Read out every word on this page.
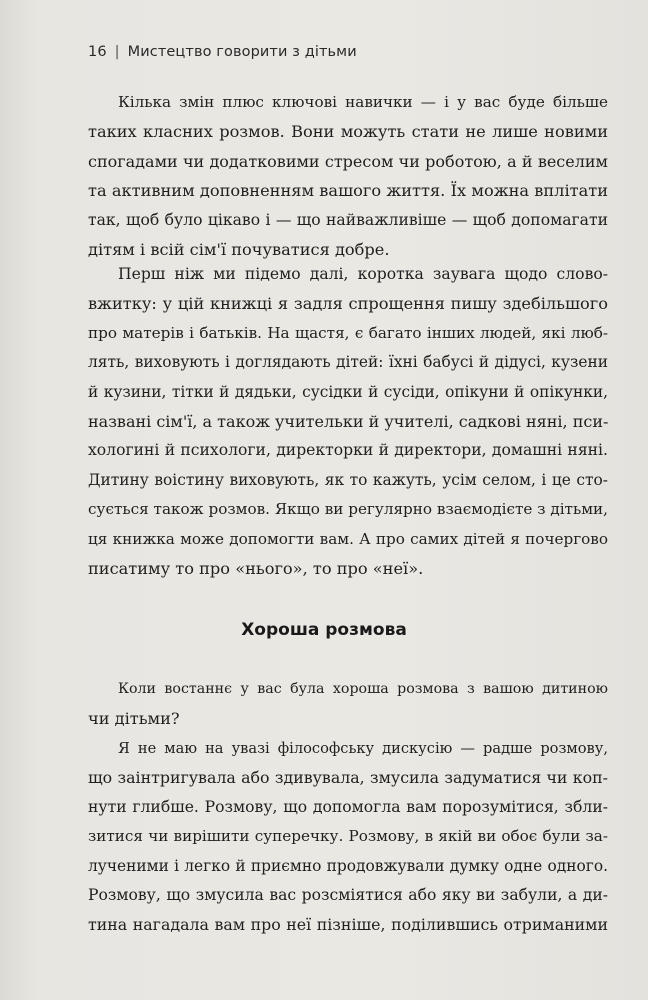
16 | Мистецтво говорити з дітьми
Кілька змін плюс ключові навички — і у вас буде більше
таких класних розмов. Вони можуть стати не лише новими
спогадами чи додатковими стресом чи роботою, а й веселим
та активним доповненням вашого життя. Їх можна вплітати
так, щоб було цікаво і — що найважливіше — щоб допомагати
дітям і всій сім'ї почуватися добре.
Перш ніж ми підемо далі, коротка заувага щодо слово-
вжитку: у цій книжці я задля спрощення пишу здебільшого
про матерів і батьків. На щастя, є багато інших людей, які люб-
лять, виховують і доглядають дітей: їхні бабусі й дідусі, кузени
й кузини, тітки й дядьки, сусідки й сусіди, опікуни й опікунки,
названі сім'ї, а також учительки й учителі, садкові няні, пси-
хологині й психологи, директорки й директори, домашні няні.
Дитину воістину виховують, як то кажуть, усім селом, і це сто-
сується також розмов. Якщо ви регулярно взаємодієте з дітьми,
ця книжка може допомогти вам. А про самих дітей я почергово
писатиму то про «нього», то про «неї».
Хороша розмова
Коли востаннє у вас була хороша розмова з вашою дитиною
чи дітьми?
Я не маю на увазі філософську дискусію — радше розмову,
що заінтригувала або здивувала, змусила задуматися чи коп-
нути глибше. Розмову, що допомогла вам порозумітися, збли-
зитися чи вирішити суперечку. Розмову, в якій ви обоє були за-
лученими і легко й приємно продовжували думку одне одного.
Розмову, що змусила вас розсміятися або яку ви забули, а ди-
тина нагадала вам про неї пізніше, поділившись отриманими
